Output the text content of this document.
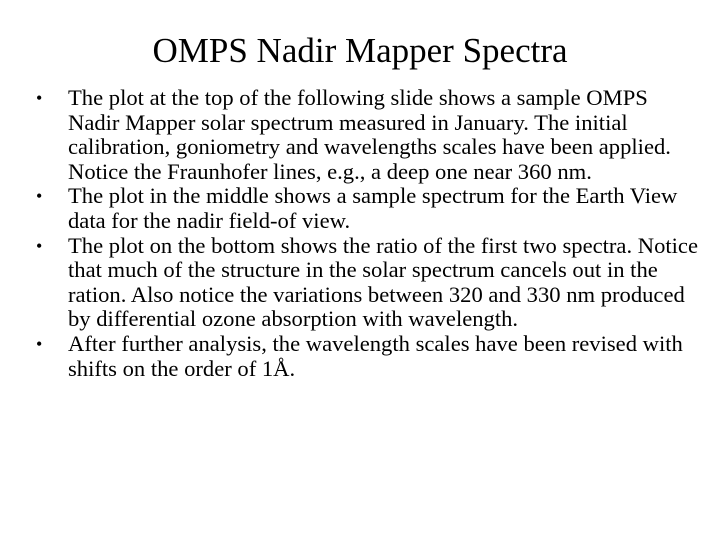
OMPS Nadir Mapper Spectra
• The plot at the top of the following slide shows a sample OMPS Nadir Mapper solar spectrum measured in January. The initial calibration, goniometry and wavelengths scales have been applied. Notice the Fraunhofer lines, e.g., a deep one near 360 nm.
• The plot in the middle shows a sample spectrum for the Earth View data for the nadir field-of view.
• The plot on the bottom shows the ratio of the first two spectra. Notice that much of the structure in the solar spectrum cancels out in the ration. Also notice the variations between 320 and 330 nm produced by differential ozone absorption with wavelength.
• After further analysis, the wavelength scales have been revised with shifts on the order of 1Å.
